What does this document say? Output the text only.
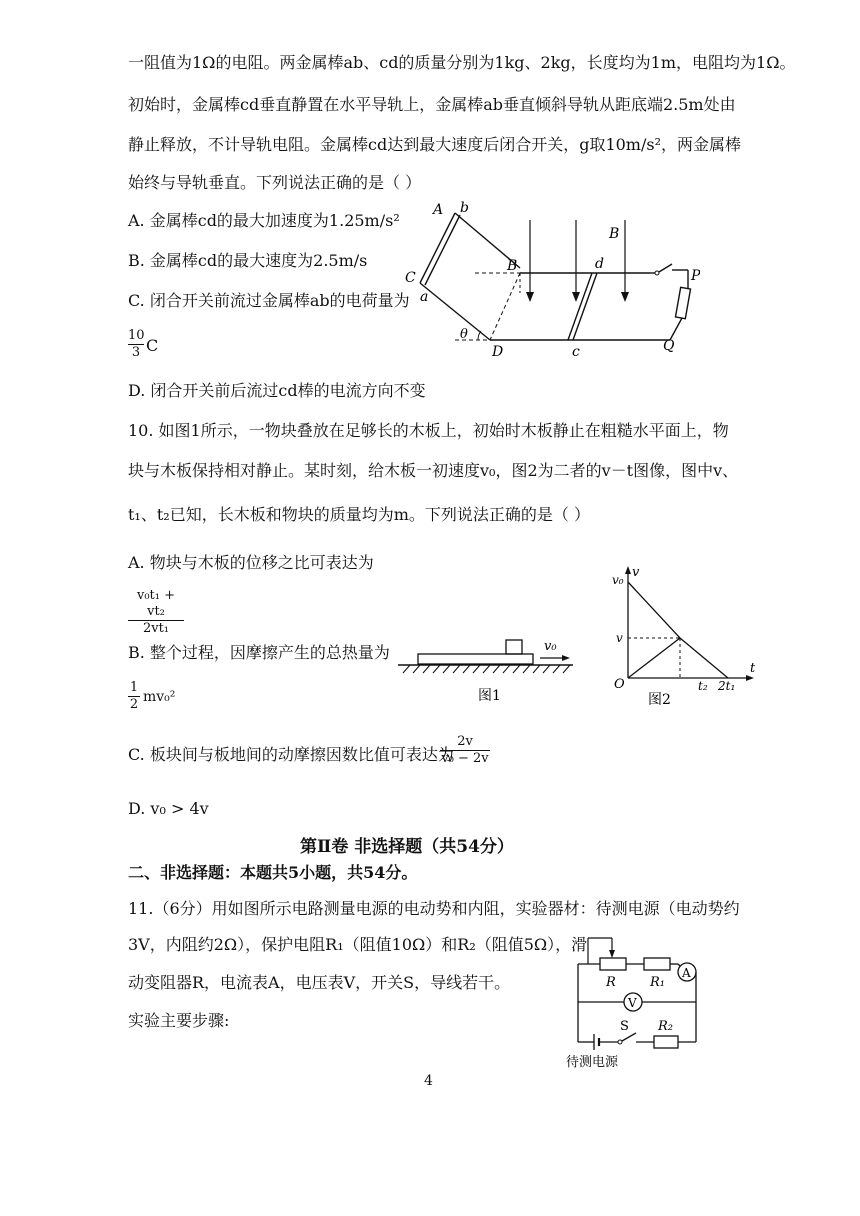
一阻值为1Ω的电阻。两金属棒ab、cd的质量分别为1kg、2kg，长度均为1m，电阻均为1Ω。
初始时，金属棒cd垂直静置在水平导轨上，金属棒ab垂直倾斜导轨从距底端2.5m处由
静止释放，不计导轨电阻。金属棒cd达到最大速度后闭合开关，g取10m/s²，两金属棒
始终与导轨垂直。下列说法正确的是（ ）
A. 金属棒cd的最大加速度为1.25m/s²
B. 金属棒cd的最大速度为2.5m/s
C. 闭合开关前流过金属棒ab的电荷量为
$\frac{10}{3}$ C
D. 闭合开关前后流过cd棒的电流方向不变
A b
C
a
B	d
B
P
Q
θ
D	c
10. 如图1所示，一物块叠放在足够长的木板上，初始时木板静止在粗糙水平面上，物
块与木板保持相对静止。某时刻，给木板一初速度v₀，图2为二者的v－t图像，图中v、
t₁、t₂已知，长木板和物块的质量均为m。下列说法正确的是（ ）
A. 物块与木板的位移之比可表达为
$\frac{\text{v₀t₁ + vt₂}}{\text{2vt₁}}$
B. 整个过程，因摩擦产生的总热量为
$\frac{1}{2} mv_0^2$
C. 板块间与板地间的动摩擦因数比值可表达为
$\frac{2v}{\text{v₀ − 2v}}$
D. v₀ > 4v
v₀
图1
v
v₀
v
O
t
t₂ 2t₁
图2
第Ⅱ卷 非选择题（共54分）
二、非选择题：本题共5小题，共54分。
11.（6分）用如图所示电路测量电源的电动势和内阻，实验器材：待测电源（电动势约
3V，内阻约2Ω），保护电阻R₁（阻值10Ω）和R₂（阻值5Ω），滑
动变阻器R，电流表A，电压表V，开关S，导线若干。
实验主要步骤:
R	R₁
A
V
S R₂
待测电源
4
